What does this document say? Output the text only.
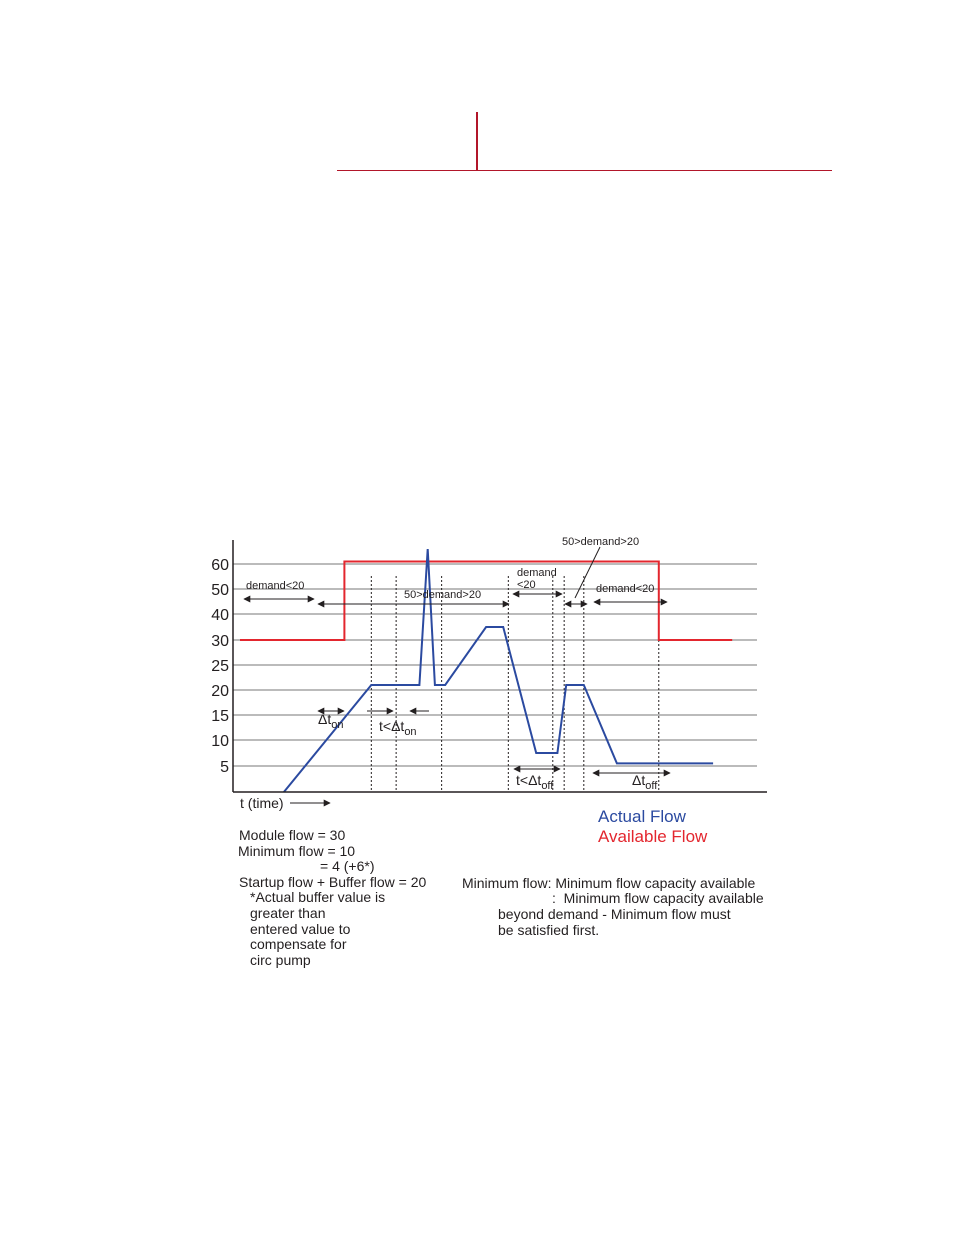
60
50
40
30
25
20
15
10
5
demand<20
50>demand>20
demand
<20
50>demand>20
demand<20
$\Delta t_{on}$	$t<\Delta t_{on}$
$t<\Delta t_{off}$	$\Delta t_{off}$
t (time)
Actual Flow
Available Flow
Module flow = 30
Minimum flow = 10
= 4 (+6*)
Startup flow + Buffer flow = 20
*Actual buffer value is
greater than
entered value to
compensate for
circ pump
Minimum flow: Minimum flow capacity available
:  Minimum flow capacity available
beyond demand - Minimum flow must
be satisfied first.
